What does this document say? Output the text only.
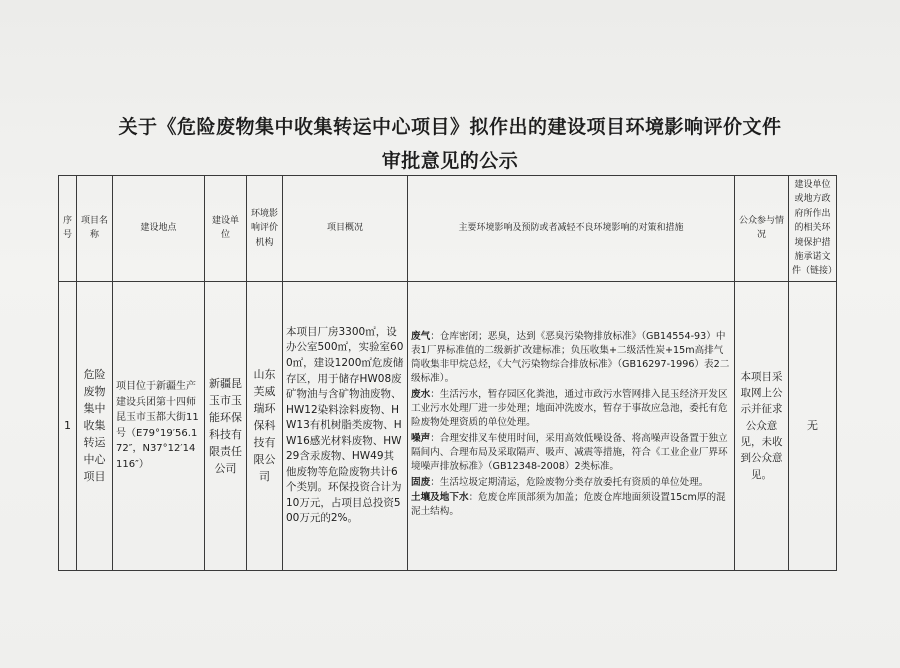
关于《危险废物集中收集转运中心项目》拟作出的建设项目环境影响评价文件
审批意见的公示
序号	项目名称	建设地点	建设单位	环境影响评价机构	项目概况	主要环境影响及预防或者减轻不良环境影响的对策和措施	公众参与情况	建设单位或地方政府所作出的相关环境保护措施承诺文件（链接）
1	危险废物集中收集转运中心项目	项目位于新疆生产建设兵团第十四师昆玉市玉都大街11号（E79°19′56.172″，N37°12′14116″）	新疆昆玉市玉能环保科技有限责任公司	山东芙威瑞环保科技有限公司	本项目厂房3300㎡，设办公室500㎡，实验室600㎡，建设1200㎡危废储存区，用于储存HW08废矿物油与含矿物油废物、HW12染料涂料废物、HW13有机树脂类废物、HW16感光材料废物、HW29含汞废物、HW49其他废物等危险废物共计6个类别。环保投资合计为10万元，占项目总投资500万元的2%。	废气：仓库密闭；恶臭，达到《恶臭污染物排放标准》（GB14554-93）中表1厂界标准值的二级新扩改建标准；负压收集+二级活性炭+15m高排气筒收集非甲烷总烃，《大气污染物综合排放标准》（GB16297-1996）表2二级标准）。

废水：生活污水，暂存园区化粪池，通过市政污水管网排入昆玉经济开发区工业污水处理厂进一步处理；地面冲洗废水，暂存于事故应急池，委托有危险废物处理资质的单位处理。

噪声：合理安排叉车使用时间，采用高效低噪设备、将高噪声设备置于独立隔间内、合理布局及采取隔声、吸声、减震等措施，符合《工业企业厂界环境噪声排放标准》（GB12348-2008）2类标准。

固废：生活垃圾定期清运，危险废物分类存放委托有资质的单位处理。

土壤及地下水：危废仓库顶部须为加盖；危废仓库地面须设置15cm厚的混泥土结构。	本项目采取网上公示并征求公众意见，未收到公众意见。	无
